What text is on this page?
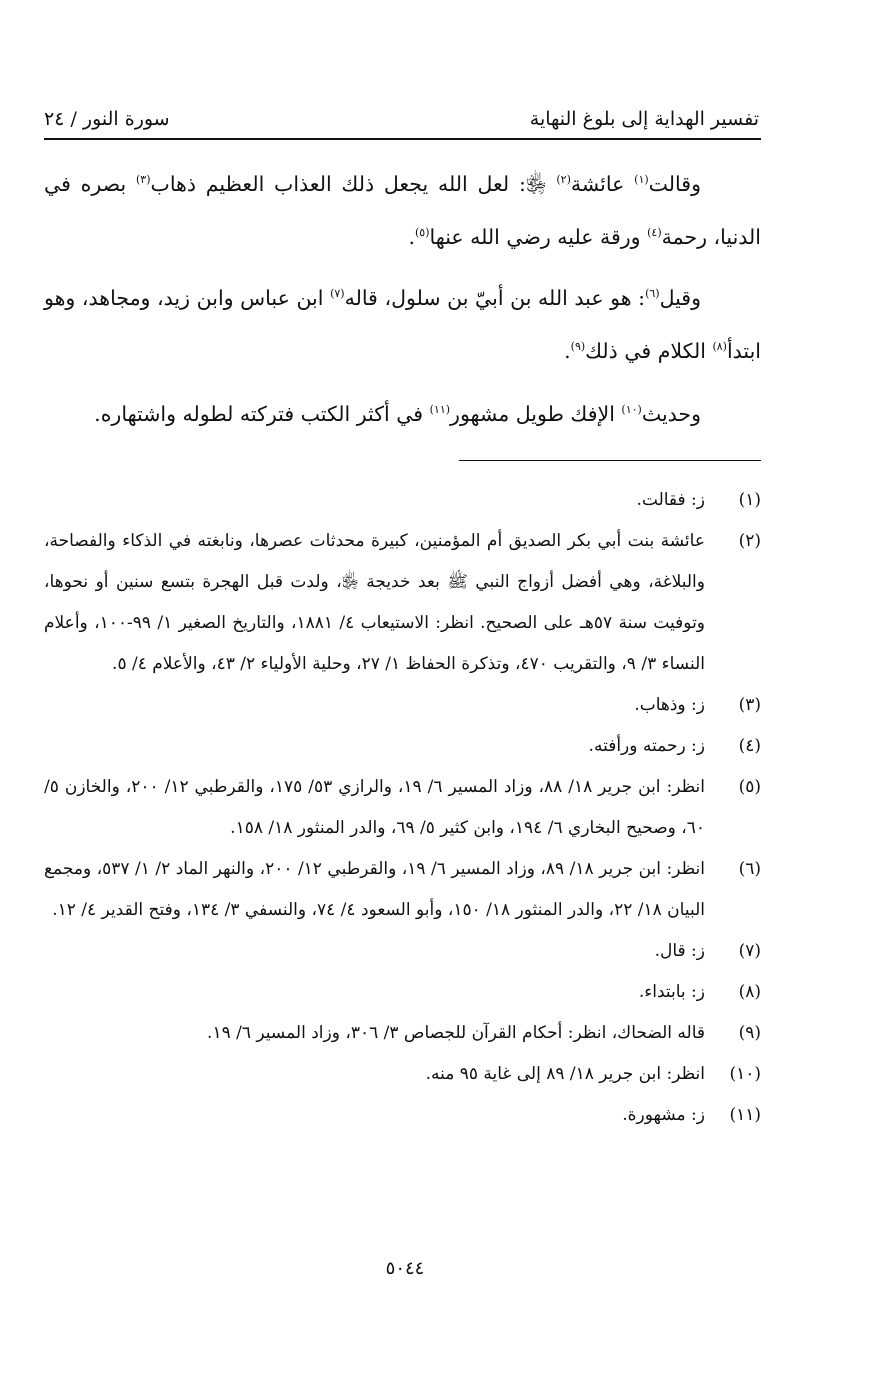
تفسير الهداية إلى بلوغ النهاية
سورة النور / ٢٤

وقالت$^{(١)}$ عائشة$^{(٢)}$ ﵂: لعل الله يجعل ذلك العذاب العظيم ذهاب$^{(٣)}$ بصره في الدنيا، رحمة$^{(٤)}$ ورقة عليه رضي الله عنها$^{(٥)}$.

وقيل$^{(٦)}$: هو عبد الله بن أبيّ بن سلول، قاله$^{(٧)}$ ابن عباس وابن زيد، ومجاهد، وهو ابتدأ$^{(٨)}$ الكلام في ذلك$^{(٩)}$.

وحديث$^{(١٠)}$ الإفك طويل مشهور$^{(١١)}$ في أكثر الكتب فتركته لطوله واشتهاره.

(١)
ز: فقالت.
(٢)
عائشة بنت أبي بكر الصديق أم المؤمنين، كبيرة محدثات عصرها، ونابغته في الذكاء والفصاحة، والبلاغة، وهي أفضل أزواج النبي ﷺ بعد خديجة ﵂، ولدت قبل الهجرة بتسع سنين أو نحوها، وتوفيت سنة ٥٧هـ على الصحيح. انظر: الاستيعاب ٤/ ١٨٨١، والتاريخ الصغير ١/ ٩٩-١٠٠، وأعلام النساء ٣/ ٩، والتقريب ٤٧٠، وتذكرة الحفاظ ١/ ٢٧، وحلية الأولياء ٢/ ٤٣، والأعلام ٤/ ٥.
(٣)
ز: وذهاب.
(٤)
ز: رحمته ورأفته.
(٥)
انظر: ابن جرير ١٨/ ٨٨، وزاد المسير ٦/ ١٩، والرازي ٥٣/ ١٧٥، والقرطبي ١٢/ ٢٠٠، والخازن ٥/ ٦٠، وصحيح البخاري ٦/ ١٩٤، وابن كثير ٥/ ٦٩، والدر المنثور ١٨/ ١٥٨.
(٦)
انظر: ابن جرير ١٨/ ٨٩، وزاد المسير ٦/ ١٩، والقرطبي ١٢/ ٢٠٠، والنهر الماد ٢/ ١/ ٥٣٧، ومجمع البيان ١٨/ ٢٢، والدر المنثور ١٨/ ١٥٠، وأبو السعود ٤/ ٧٤، والنسفي ٣/ ١٣٤، وفتح القدير ٤/ ١٢.
(٧)
ز: قال.
(٨)
ز: بابتداء.
(٩)
قاله الضحاك، انظر: أحكام القرآن للجصاص ٣/ ٣٠٦، وزاد المسير ٦/ ١٩.
(١٠)
انظر: ابن جرير ١٨/ ٨٩ إلى غاية ٩٥ منه.
(١١)
ز: مشهورة.
٥٠٤٤
